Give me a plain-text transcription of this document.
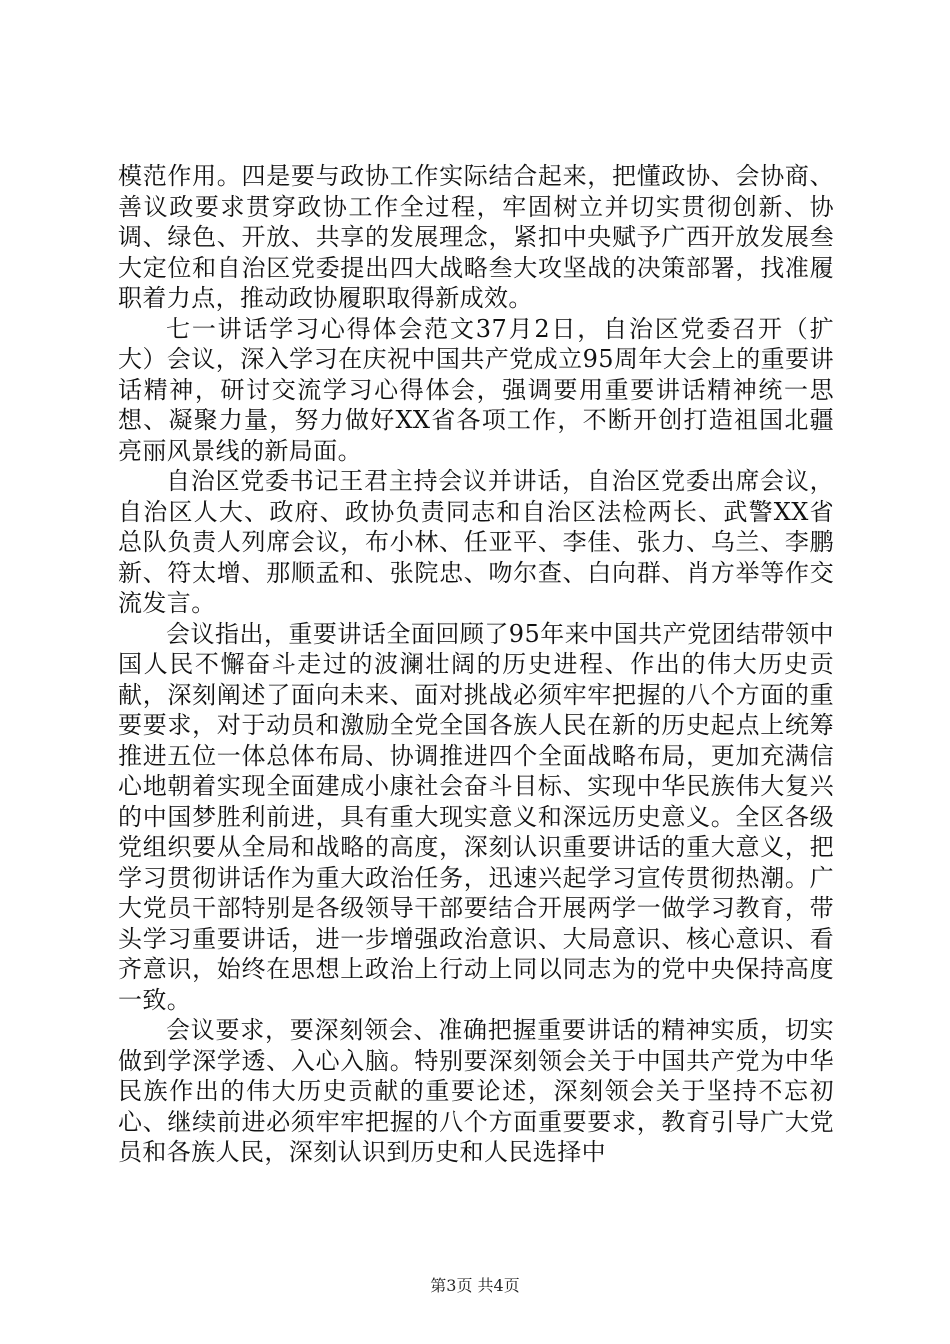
模范作用。四是要与政协工作实际结合起来，把懂政协、会协商、善议政要求贯穿政协工作全过程，牢固树立并切实贯彻创新、协调、绿色、开放、共享的发展理念，紧扣中央赋予广西开放发展叁大定位和自治区党委提出四大战略叁大攻坚战的决策部署，找准履职着力点，推动政协履职取得新成效。

七一讲话学习心得体会范文37月2日，自治区党委召开（扩大）会议，深入学习在庆祝中国共产党成立95周年大会上的重要讲话精神，研讨交流学习心得体会，强调要用重要讲话精神统一思想、凝聚力量，努力做好XX省各项工作，不断开创打造祖国北疆亮丽风景线的新局面。

自治区党委书记王君主持会议并讲话，自治区党委出席会议，自治区人大、政府、政协负责同志和自治区法检两长、武警XX省总队负责人列席会议，布小林、任亚平、李佳、张力、乌兰、李鹏新、符太增、那顺孟和、张院忠、吻尔查、白向群、肖方举等作交流发言。

会议指出，重要讲话全面回顾了95年来中国共产党团结带领中国人民不懈奋斗走过的波澜壮阔的历史进程、作出的伟大历史贡献，深刻阐述了面向未来、面对挑战必须牢牢把握的八个方面的重要要求，对于动员和激励全党全国各族人民在新的历史起点上统筹推进五位一体总体布局、协调推进四个全面战略布局，更加充满信心地朝着实现全面建成小康社会奋斗目标、实现中华民族伟大复兴的中国梦胜利前进，具有重大现实意义和深远历史意义。全区各级党组织要从全局和战略的高度，深刻认识重要讲话的重大意义，把学习贯彻讲话作为重大政治任务，迅速兴起学习宣传贯彻热潮。广大党员干部特别是各级领导干部要结合开展两学一做学习教育，带头学习重要讲话，进一步增强政治意识、大局意识、核心意识、看齐意识，始终在思想上政治上行动上同以同志为的党中央保持高度一致。

会议要求，要深刻领会、准确把握重要讲话的精神实质，切实做到学深学透、入心入脑。特别要深刻领会关于中国共产党为中华民族作出的伟大历史贡献的重要论述，深刻领会关于坚持不忘初心、继续前进必须牢牢把握的八个方面重要要求，教育引导广大党员和各族人民，深刻认识到历史和人民选择中

第3页 共4页
